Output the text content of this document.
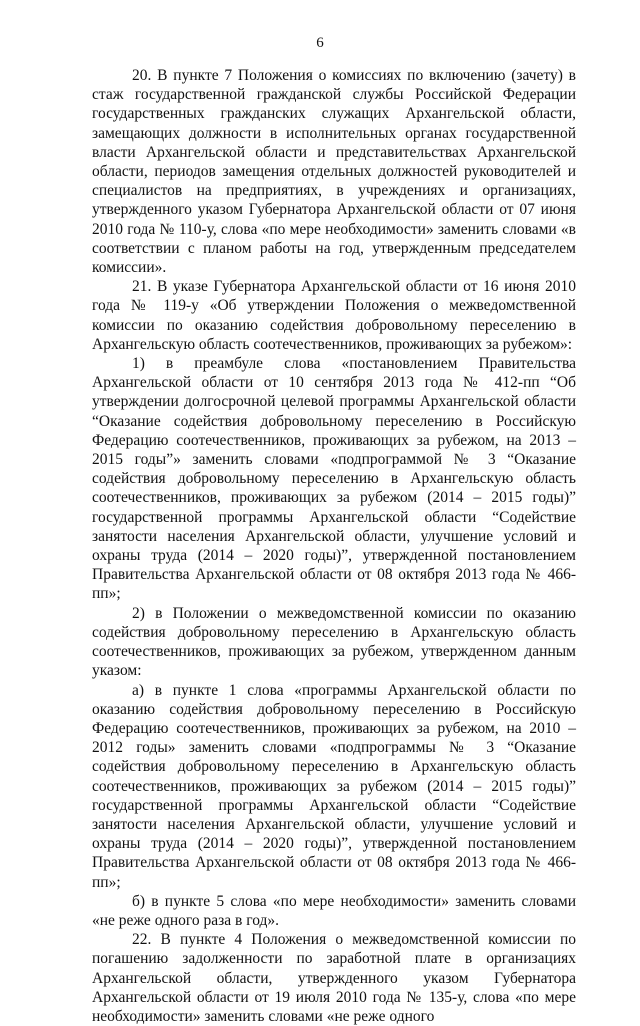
6

20. В пункте 7 Положения о комиссиях по включению (зачету) в стаж государственной гражданской службы Российской Федерации государственных гражданских служащих Архангельской области, замещающих должности в исполнительных органах государственной власти Архангельской области и представительствах Архангельской области, периодов замещения отдельных должностей руководителей и специалистов на предприятиях, в учреждениях и организациях, утвержденного указом Губернатора Архангельской области от 07 июня 2010 года № 110-у, слова «по мере необходимости» заменить словами «в соответствии с планом работы на год, утвержденным председателем комиссии».

21. В указе Губернатора Архангельской области от 16 июня 2010 года № 119-у «Об утверждении Положения о межведомственной комиссии по оказанию содействия добровольному переселению в Архангельскую область соотечественников, проживающих за рубежом»:

1) в преамбуле слова «постановлением Правительства Архангельской области от 10 сентября 2013 года № 412-пп “Об утверждении долгосрочной целевой программы Архангельской области “Оказание содействия добровольному переселению в Российскую Федерацию соотечественников, проживающих за рубежом, на 2013 – 2015 годы”» заменить словами «подпрограммой № 3 “Оказание содействия добровольному переселению в Архангельскую область соотечественников, проживающих за рубежом (2014 – 2015 годы)” государственной программы Архангельской области “Содействие занятости населения Архангельской области, улучшение условий и охраны труда (2014 – 2020 годы)”, утвержденной постановлением Правительства Архангельской области от 08 октября 2013 года № 466-пп»;

2) в Положении о межведомственной комиссии по оказанию содействия добровольному переселению в Архангельскую область соотечественников, проживающих за рубежом, утвержденном данным указом:

а) в пункте 1 слова «программы Архангельской области по оказанию содействия добровольному переселению в Российскую Федерацию соотечественников, проживающих за рубежом, на 2010 – 2012 годы» заменить словами «подпрограммы № 3 “Оказание содействия добровольному переселению в Архангельскую область соотечественников, проживающих за рубежом (2014 – 2015 годы)” государственной программы Архангельской области “Содействие занятости населения Архангельской области, улучшение условий и охраны труда (2014 – 2020 годы)”, утвержденной постановлением Правительства Архангельской области от 08 октября 2013 года № 466-пп»;

б) в пункте 5 слова «по мере необходимости» заменить словами «не реже одного раза в год».

22. В пункте 4 Положения о межведомственной комиссии по погашению задолженности по заработной плате в организациях Архангельской области, утвержденного указом Губернатора Архангельской области от 19 июля 2010 года № 135-у, слова «по мере необходимости» заменить словами «не реже одного
